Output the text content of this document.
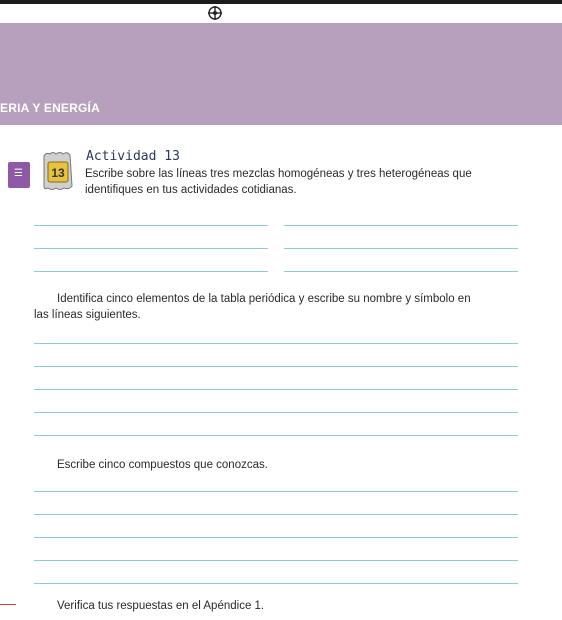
ERIA Y ENERGÍA
☰ 13
Actividad 13
Escribe sobre las líneas tres mezclas homogéneas y tres heterogéneas que
identifiques en tus actividades cotidianas.
Identifica cinco elementos de la tabla periódica y escribe su nombre y símbolo en
las líneas siguientes.
Escribe cinco compuestos que conozcas.
Verifica tus respuestas en el Apéndice 1.
